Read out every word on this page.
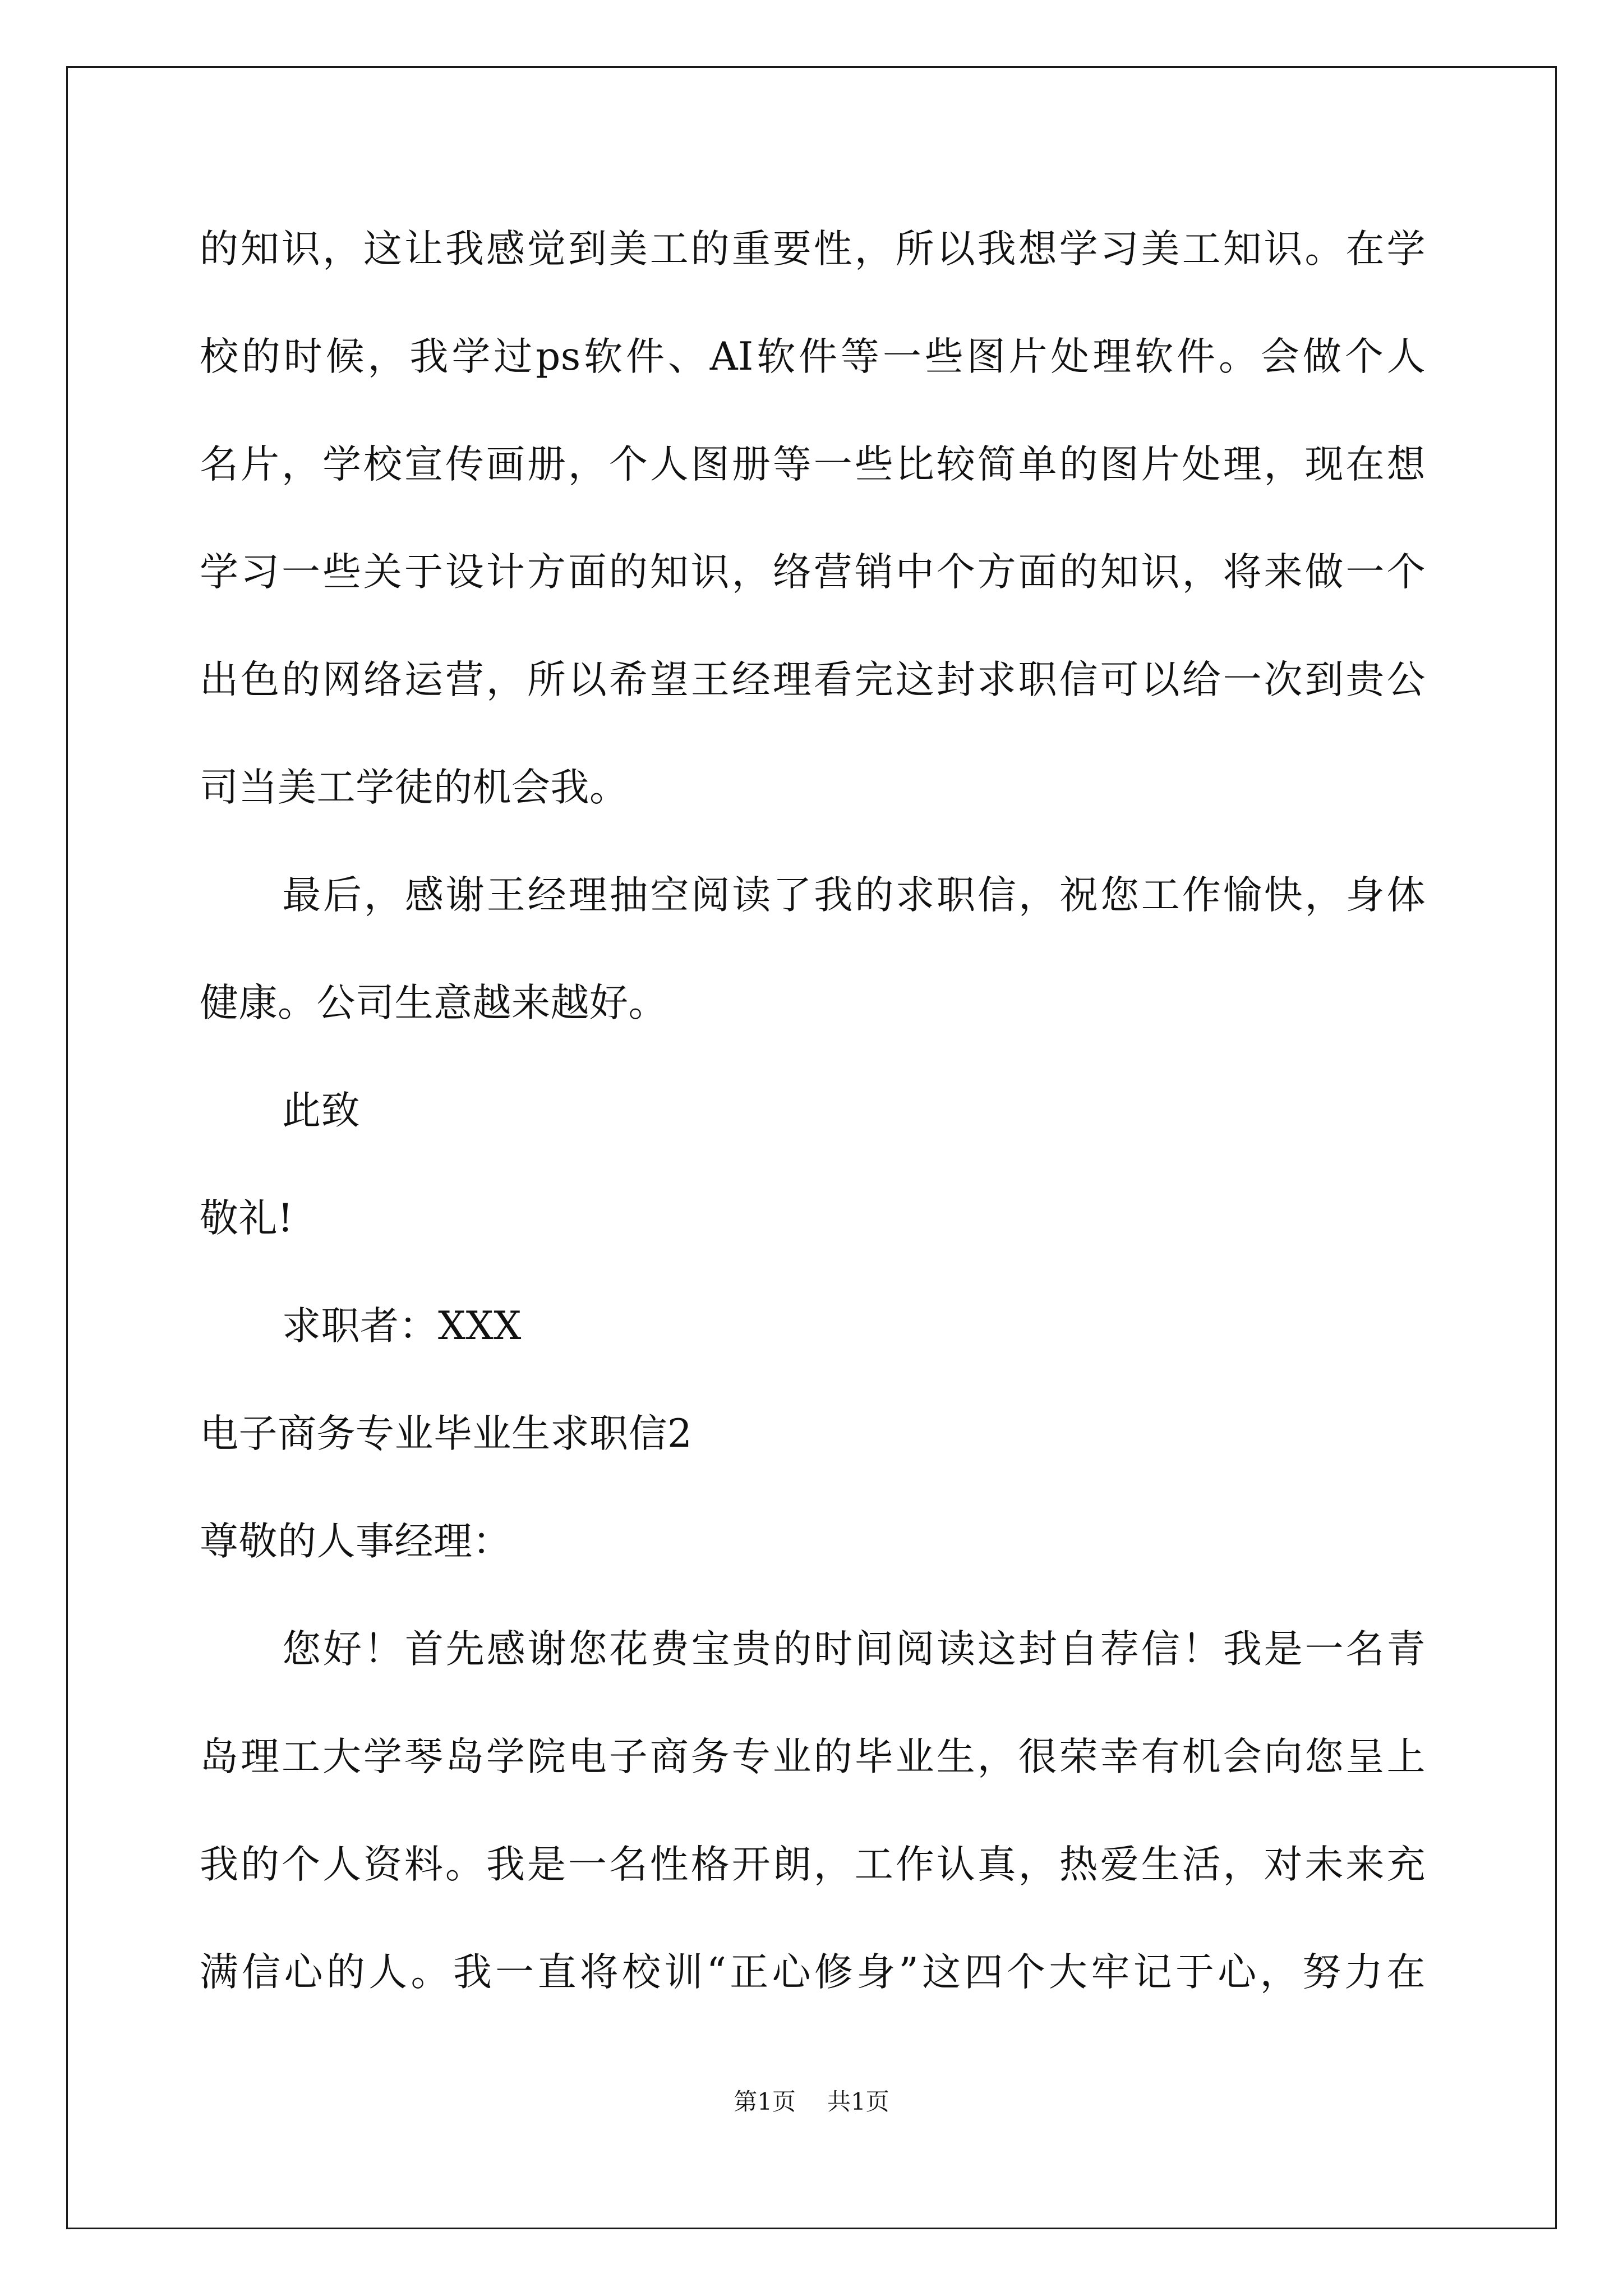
的知识，这让我感觉到美工的重要性，所以我想学习美工知识。在学
校的时候，我学过ps软件、AI软件等一些图片处理软件。会做个人
名片，学校宣传画册，个人图册等一些比较简单的图片处理，现在想
学习一些关于设计方面的知识，络营销中个方面的知识，将来做一个
出色的网络运营，所以希望王经理看完这封求职信可以给一次到贵公
司当美工学徒的机会我。
最后，感谢王经理抽空阅读了我的求职信，祝您工作愉快，身体
健康。公司生意越来越好。
此致
敬礼!
求职者：XXX
电子商务专业毕业生求职信2
尊敬的人事经理：
您好！首先感谢您花费宝贵的时间阅读这封自荐信！我是一名青
岛理工大学琴岛学院电子商务专业的毕业生，很荣幸有机会向您呈上
我的个人资料。我是一名性格开朗，工作认真，热爱生活，对未来充
满信心的人。我一直将校训“正心修身”这四个大牢记于心，努力在
第1页 共1页
